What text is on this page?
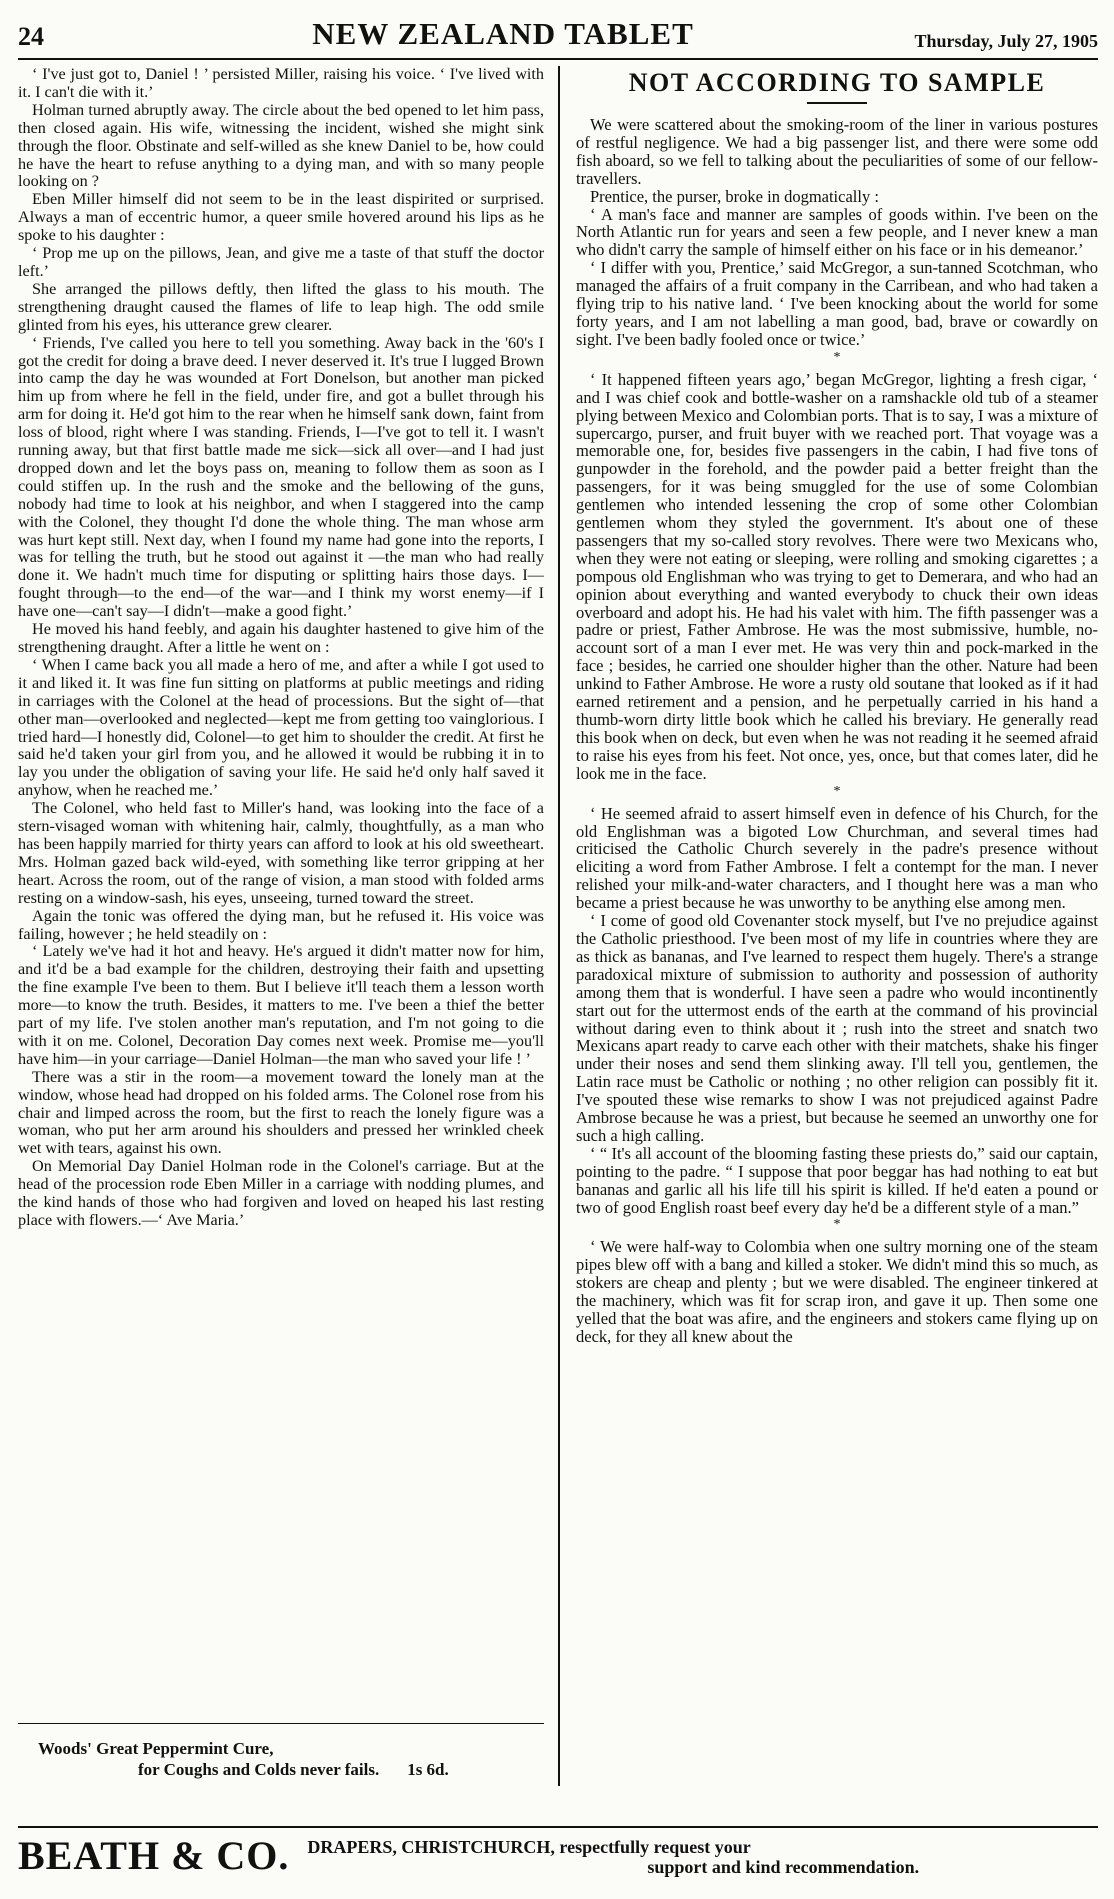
24	NEW ZEALAND TABLET	Thursday, July 27, 1905

‘ I've just got to, Daniel ! ’ persisted Miller, raising his voice. ‘ I've lived with it. I can't die with it.’

Holman turned abruptly away. The circle about the bed opened to let him pass, then closed again. His wife, witnessing the incident, wished she might sink through the floor. Obstinate and self-willed as she knew Daniel to be, how could he have the heart to refuse anything to a dying man, and with so many people looking on ?

Eben Miller himself did not seem to be in the least dispirited or surprised. Always a man of eccentric humor, a queer smile hovered around his lips as he spoke to his daughter :

‘ Prop me up on the pillows, Jean, and give me a taste of that stuff the doctor left.’

She arranged the pillows deftly, then lifted the glass to his mouth. The strengthening draught caused the flames of life to leap high. The odd smile glinted from his eyes, his utterance grew clearer.

‘ Friends, I've called you here to tell you something. Away back in the '60's I got the credit for doing a brave deed. I never deserved it. It's true I lugged Brown into camp the day he was wounded at Fort Donelson, but another man picked him up from where he fell in the field, under fire, and got a bullet through his arm for doing it. He'd got him to the rear when he himself sank down, faint from loss of blood, right where I was standing. Friends, I—I've got to tell it. I wasn't running away, but that first battle made me sick—sick all over—and I had just dropped down and let the boys pass on, meaning to follow them as soon as I could stiffen up. In the rush and the smoke and the bellowing of the guns, nobody had time to look at his neighbor, and when I staggered into the camp with the Colonel, they thought I'd done the whole thing. The man whose arm was hurt kept still. Next day, when I found my name had gone into the reports, I was for telling the truth, but he stood out against it —the man who had really done it. We hadn't much time for disputing or splitting hairs those days. I—fought through—to the end—of the war—and I think my worst enemy—if I have one—can't say—I didn't—make a good fight.’

He moved his hand feebly, and again his daughter hastened to give him of the strengthening draught. After a little he went on :

‘ When I came back you all made a hero of me, and after a while I got used to it and liked it. It was fine fun sitting on platforms at public meetings and riding in carriages with the Colonel at the head of processions. But the sight of—that other man—overlooked and neglected—kept me from getting too vainglorious. I tried hard—I honestly did, Colonel—to get him to shoulder the credit. At first he said he'd taken your girl from you, and he allowed it would be rubbing it in to lay you under the obligation of saving your life. He said he'd only half saved it anyhow, when he reached me.’

The Colonel, who held fast to Miller's hand, was looking into the face of a stern-visaged woman with whitening hair, calmly, thoughtfully, as a man who has been happily married for thirty years can afford to look at his old sweetheart. Mrs. Holman gazed back wild-eyed, with something like terror gripping at her heart. Across the room, out of the range of vision, a man stood with folded arms resting on a window-sash, his eyes, unseeing, turned toward the street.

Again the tonic was offered the dying man, but he refused it. His voice was failing, however ; he held steadily on :

‘ Lately we've had it hot and heavy. He's argued it didn't matter now for him, and it'd be a bad example for the children, destroying their faith and upsetting the fine example I've been to them. But I believe it'll teach them a lesson worth more—to know the truth. Besides, it matters to me. I've been a thief the better part of my life. I've stolen another man's reputation, and I'm not going to die with it on me. Colonel, Decoration Day comes next week. Promise me—you'll have him—in your carriage—Daniel Holman—the man who saved your life ! ’

There was a stir in the room—a movement toward the lonely man at the window, whose head had dropped on his folded arms. The Colonel rose from his chair and limped across the room, but the first to reach the lonely figure was a woman, who put her arm around his shoulders and pressed her wrinkled cheek wet with tears, against his own.

On Memorial Day Daniel Holman rode in the Colonel's carriage. But at the head of the procession rode Eben Miller in a carriage with nodding plumes, and the kind hands of those who had forgiven and loved on heaped his last resting place with flowers.—‘ Ave Maria.’

Woods' Great Peppermint Cure,
for Coughs and Colds never fails. 1s 6d.
NOT ACCORDING TO SAMPLE

We were scattered about the smoking-room of the liner in various postures of restful negligence. We had a big passenger list, and there were some odd fish aboard, so we fell to talking about the peculiarities of some of our fellow-travellers.

Prentice, the purser, broke in dogmatically :

‘ A man's face and manner are samples of goods within. I've been on the North Atlantic run for years and seen a few people, and I never knew a man who didn't carry the sample of himself either on his face or in his demeanor.’

‘ I differ with you, Prentice,’ said McGregor, a sun-tanned Scotchman, who managed the affairs of a fruit company in the Carribean, and who had taken a flying trip to his native land. ‘ I've been knocking about the world for some forty years, and I am not labelling a man good, bad, brave or cowardly on sight. I've been badly fooled once or twice.’

*

‘ It happened fifteen years ago,’ began McGregor, lighting a fresh cigar, ‘ and I was chief cook and bottle-washer on a ramshackle old tub of a steamer plying between Mexico and Colombian ports. That is to say, I was a mixture of supercargo, purser, and fruit buyer with we reached port. That voyage was a memorable one, for, besides five passengers in the cabin, I had five tons of gunpowder in the forehold, and the powder paid a better freight than the passengers, for it was being smuggled for the use of some Colombian gentlemen who intended lessening the crop of some other Colombian gentlemen whom they styled the government. It's about one of these passengers that my so-called story revolves. There were two Mexicans who, when they were not eating or sleeping, were rolling and smoking cigarettes ; a pompous old Englishman who was trying to get to Demerara, and who had an opinion about everything and wanted everybody to chuck their own ideas overboard and adopt his. He had his valet with him. The fifth passenger was a padre or priest, Father Ambrose. He was the most submissive, humble, no-account sort of a man I ever met. He was very thin and pock-marked in the face ; besides, he carried one shoulder higher than the other. Nature had been unkind to Father Ambrose. He wore a rusty old soutane that looked as if it had earned retirement and a pension, and he perpetually carried in his hand a thumb-worn dirty little book which he called his breviary. He generally read this book when on deck, but even when he was not reading it he seemed afraid to raise his eyes from his feet. Not once, yes, once, but that comes later, did he look me in the face.

*

‘ He seemed afraid to assert himself even in defence of his Church, for the old Englishman was a bigoted Low Churchman, and several times had criticised the Catholic Church severely in the padre's presence without eliciting a word from Father Ambrose. I felt a contempt for the man. I never relished your milk-and-water characters, and I thought here was a man who became a priest because he was unworthy to be anything else among men.

‘ I come of good old Covenanter stock myself, but I've no prejudice against the Catholic priesthood. I've been most of my life in countries where they are as thick as bananas, and I've learned to respect them hugely. There's a strange paradoxical mixture of submission to authority and possession of authority among them that is wonderful. I have seen a padre who would incontinently start out for the uttermost ends of the earth at the command of his provincial without daring even to think about it ; rush into the street and snatch two Mexicans apart ready to carve each other with their matchets, shake his finger under their noses and send them slinking away. I'll tell you, gentlemen, the Latin race must be Catholic or nothing ; no other religion can possibly fit it. I've spouted these wise remarks to show I was not prejudiced against Padre Ambrose because he was a priest, but because he seemed an unworthy one for such a high calling.

‘ “ It's all account of the blooming fasting these priests do,” said our captain, pointing to the padre. “ I suppose that poor beggar has had nothing to eat but bananas and garlic all his life till his spirit is killed. If he'd eaten a pound or two of good English roast beef every day he'd be a different style of a man.”

*

‘ We were half-way to Colombia when one sultry morning one of the steam pipes blew off with a bang and killed a stoker. We didn't mind this so much, as stokers are cheap and plenty ; but we were disabled. The engineer tinkered at the machinery, which was fit for scrap iron, and gave it up. Then some one yelled that the boat was afire, and the engineers and stokers came flying up on deck, for they all knew about the

BEATH & CO. DRAPERS, CHRISTCHURCH, respectfully request your
support and kind recommendation.
